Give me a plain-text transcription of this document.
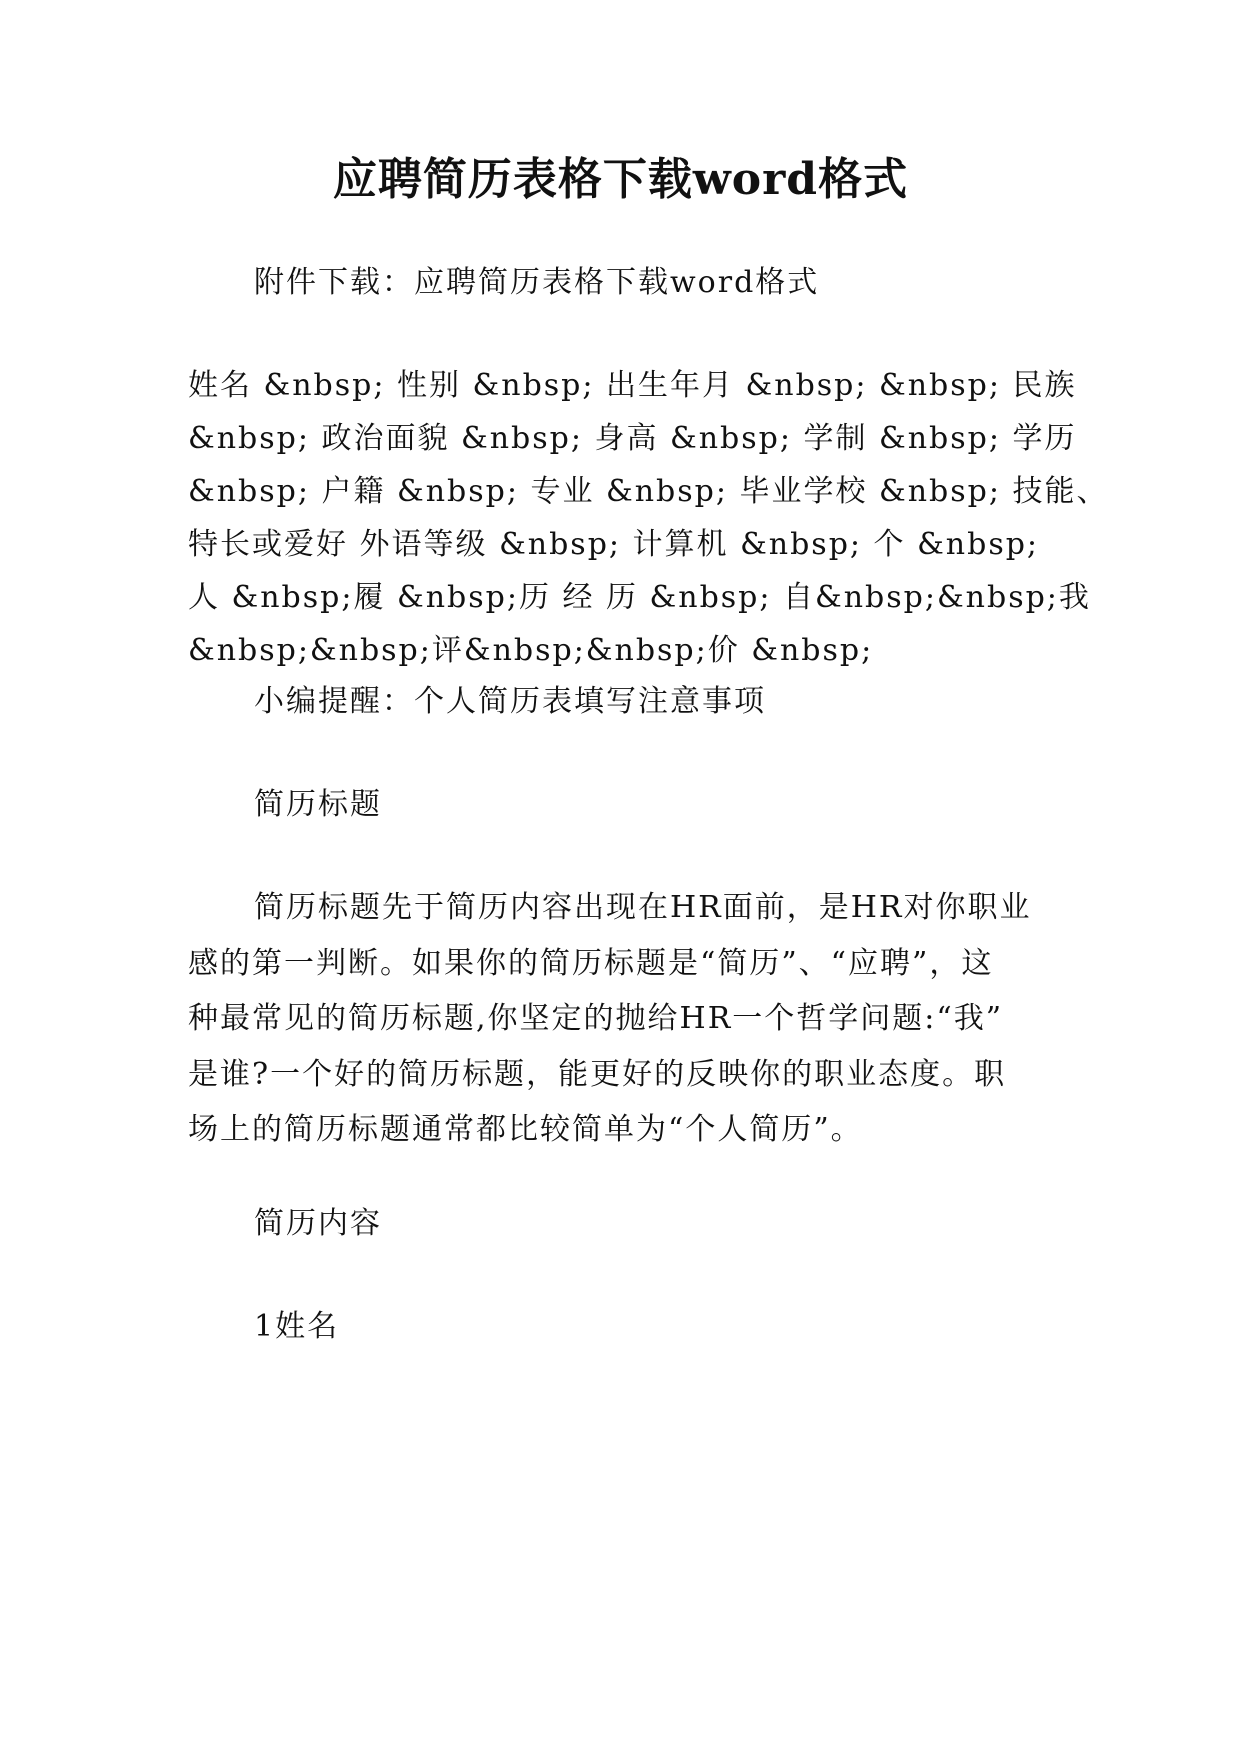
应聘简历表格下载word格式

附件下载：应聘简历表格下载word格式

姓名 &nbsp; 性别 &nbsp; 出生年月 &nbsp; &nbsp; 民族

&nbsp; 政治面貌 &nbsp; 身高 &nbsp; 学制 &nbsp; 学历

&nbsp; 户籍 &nbsp; 专业 &nbsp; 毕业学校 &nbsp; 技能、

特长或爱好 外语等级 &nbsp; 计算机 &nbsp; 个 &nbsp;

人 &nbsp;履 &nbsp;历 经 历 &nbsp; 自&nbsp;&nbsp;我

&nbsp;&nbsp;评&nbsp;&nbsp;价 &nbsp;

小编提醒：个人简历表填写注意事项

简历标题

简历标题先于简历内容出现在HR面前，是HR对你职业

感的第一判断。如果你的简历标题是“简历”、“应聘”，这

种最常见的简历标题,你坚定的抛给HR一个哲学问题:“我”

是谁?一个好的简历标题，能更好的反映你的职业态度。职

场上的简历标题通常都比较简单为“个人简历”。

简历内容

1姓名
